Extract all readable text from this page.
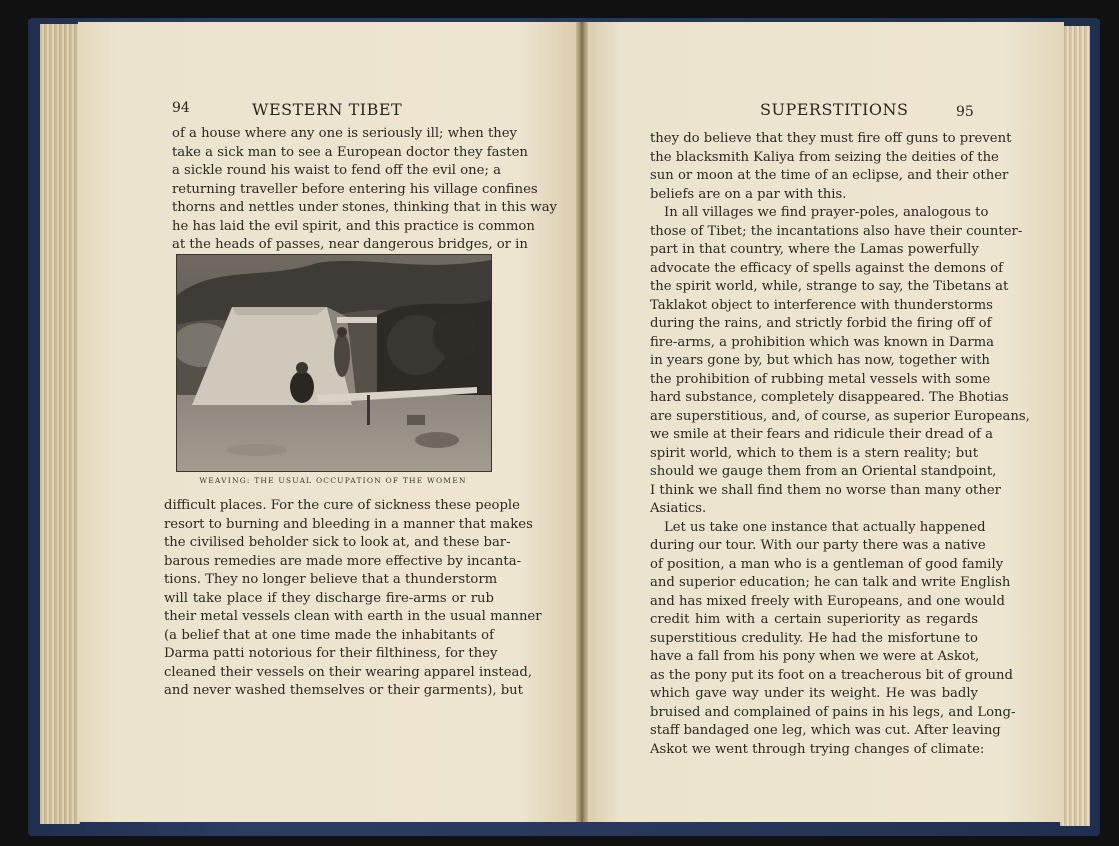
94	WESTERN TIBET
of a house where any one is seriously ill; when they
take a sick man to see a European doctor they fasten
a sickle round his waist to fend off the evil one; a
returning traveller before entering his village confines
thorns and nettles under stones, thinking that in this way
he has laid the evil spirit, and this practice is common
at the heads of passes, near dangerous bridges, or in
WEAVING: THE USUAL OCCUPATION OF THE WOMEN
difficult places. For the cure of sickness these people
resort to burning and bleeding in a manner that makes
the civilised beholder sick to look at, and these bar-
barous remedies are made more effective by incanta-
tions. They no longer believe that a thunderstorm
will take place if they discharge fire-arms or rub
their metal vessels clean with earth in the usual manner
(a belief that at one time made the inhabitants of
Darma patti notorious for their filthiness, for they
cleaned their vessels on their wearing apparel instead,
and never washed themselves or their garments), but
SUPERSTITIONS	95
they do believe that they must fire off guns to prevent
the blacksmith Kaliya from seizing the deities of the
sun or moon at the time of an eclipse, and their other
beliefs are on a par with this.
In all villages we find prayer-poles, analogous to
those of Tibet; the incantations also have their counter-
part in that country, where the Lamas powerfully
advocate the efficacy of spells against the demons of
the spirit world, while, strange to say, the Tibetans at
Taklakot object to interference with thunderstorms
during the rains, and strictly forbid the firing off of
fire-arms, a prohibition which was known in Darma
in years gone by, but which has now, together with
the prohibition of rubbing metal vessels with some
hard substance, completely disappeared. The Bhotias
are superstitious, and, of course, as superior Europeans,
we smile at their fears and ridicule their dread of a
spirit world, which to them is a stern reality; but
should we gauge them from an Oriental standpoint,
I think we shall find them no worse than many other
Asiatics.
Let us take one instance that actually happened
during our tour. With our party there was a native
of position, a man who is a gentleman of good family
and superior education; he can talk and write English
and has mixed freely with Europeans, and one would
credit him with a certain superiority as regards
superstitious credulity. He had the misfortune to
have a fall from his pony when we were at Askot,
as the pony put its foot on a treacherous bit of ground
which gave way under its weight. He was badly
bruised and complained of pains in his legs, and Long-
staff bandaged one leg, which was cut. After leaving
Askot we went through trying changes of climate:
